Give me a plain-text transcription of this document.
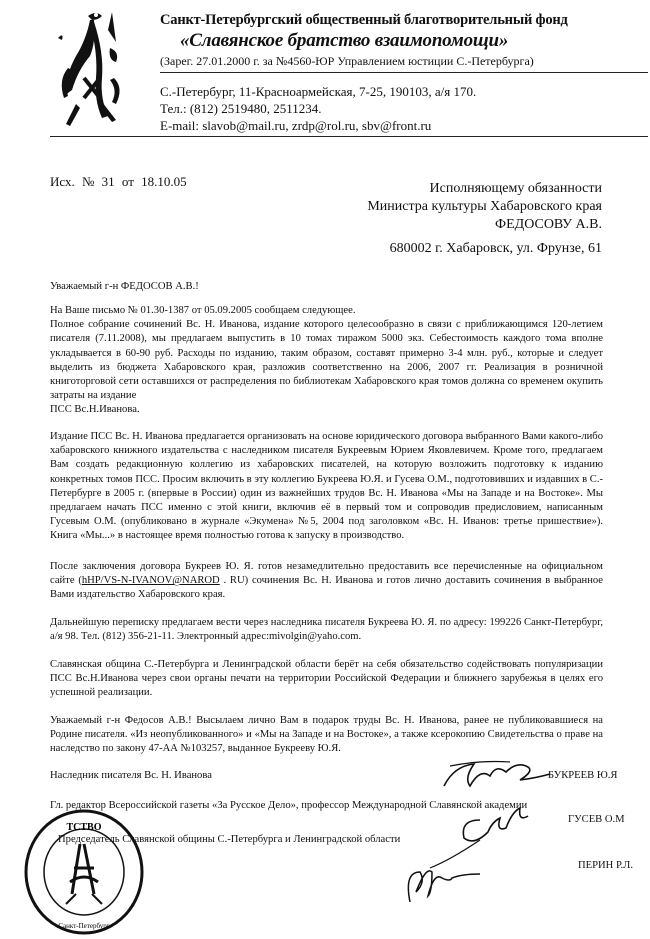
Санкт-Петербургский общественный благотворительный фонд
«Славянское братство взаимопомощи»
(Зарег. 27.01.2000 г. за №4560-ЮР Управлением юстиции С.-Петербурга)
С.-Петербург, 11-Красноармейская, 7-25, 190103, а/я 170.
Тел.: (812) 2519480, 2511234.
E-mail: slavob@mail.ru, zrdp@rol.ru, sbv@front.ru
Исх. № 31 от 18.10.05	Исполняющему обязанности
Министра культуры Хабаровского края
ФЕДОСОВУ А.В.
680002 г. Хабаровск, ул. Фрунзе, 61
Уважаемый г-н ФЕДОСОВ А.В.!

На Ваше письмо № 01.30-1387 от 05.09.2005 сообщаем следующее.

Полное собрание сочинений Вс. Н. Иванова, издание которого целесообразно в связи с приближающимся 120-летием писателя (7.11.2008), мы предлагаем выпустить в 10 томах тиражом 5000 экз. Себестоимость каждого тома вполне укладывается в 60-90 руб. Расходы по изданию, таким образом, составят примерно 3-4 млн. руб., которые и следует выделить из бюджета Хабаровского края, разложив соответственно на 2006, 2007 гг. Реализация в розничной книготорговой сети оставшихся от распределения по библиотекам Хабаровского края томов должна со временем окупить затраты на издание

ПСС Вс.Н.Иванова.

Издание ПСС Вс. Н. Иванова предлагается организовать на основе юридического договора выбранного Вами какого-либо хабаровского книжного издательства с наследником писателя Букреевым Юрием Яковлевичем. Кроме того, предлагаем Вам создать редакционную коллегию из хабаровских писателей, на которую возложить подготовку к изданию конкретных томов ПСС. Просим включить в эту коллегию Букреева Ю.Я. и Гусева О.М., подготовивших и издавших в С.-Петербурге в 2005 г. (впервые в России) один из важнейших трудов Вс. Н. Иванова «Мы на Западе и на Востоке». Мы предлагаем начать ПСС именно с этой книги, включив её в первый том и сопроводив предисловием, написанным Гусевым О.М. (опубликовано в журнале «Экумена» №5, 2004 под заголовком «Вс. Н. Иванов: третье пришествие»). Книга «Мы...» в настоящее время полностью готова к запуску в производство.
После заключения договора Букреев Ю. Я. готов незамедлительно предоставить все перечисленные на официальном сайте (hHP/VS-N-IVANOV@NAROD . RU) сочинения Вс. Н. Иванова и готов лично доставить сочинения в выбранное Вами издательство Хабаровского края.
Дальнейшую переписку предлагаем вести через наследника писателя Букреева Ю. Я. по адресу: 199226 Санкт-Петербург, а/я 98. Тел. (812) 356-21-11. Электронный адрес:mivolgin@yaho.com.
Славянская община С.-Петербурга и Ленинградской области берёт на себя обязательство содействовать популяризации ПСС Вс.Н.Иванова через свои органы печати на территории Российской Федерации и ближнего зарубежья в целях его успешной реализации.
Уважаемый г-н Федосов А.В.! Высылаем лично Вам в подарок труды Вс. Н. Иванова, ранее не публиковавшиеся на Родине писателя. «Из неопубликованного» и «Мы на Западе и на Востоке», а также ксерокопию Свидетельства о праве на наследство по закону 47-АА №103257, выданное Букрееву Ю.Я.
Наследник писателя Вс. Н. Иванова	БУКРЕЕВ Ю.Я
Гл. редактор Всероссийской газеты «За Русское Дело», профессор Международной Славянской академии
ГУСЕВ О.М
Председатель Славянской общины С.-Петербурга и Ленинградской области
ПЕРИН Р.Л.
ТСТВО
Санкт-Петербург
